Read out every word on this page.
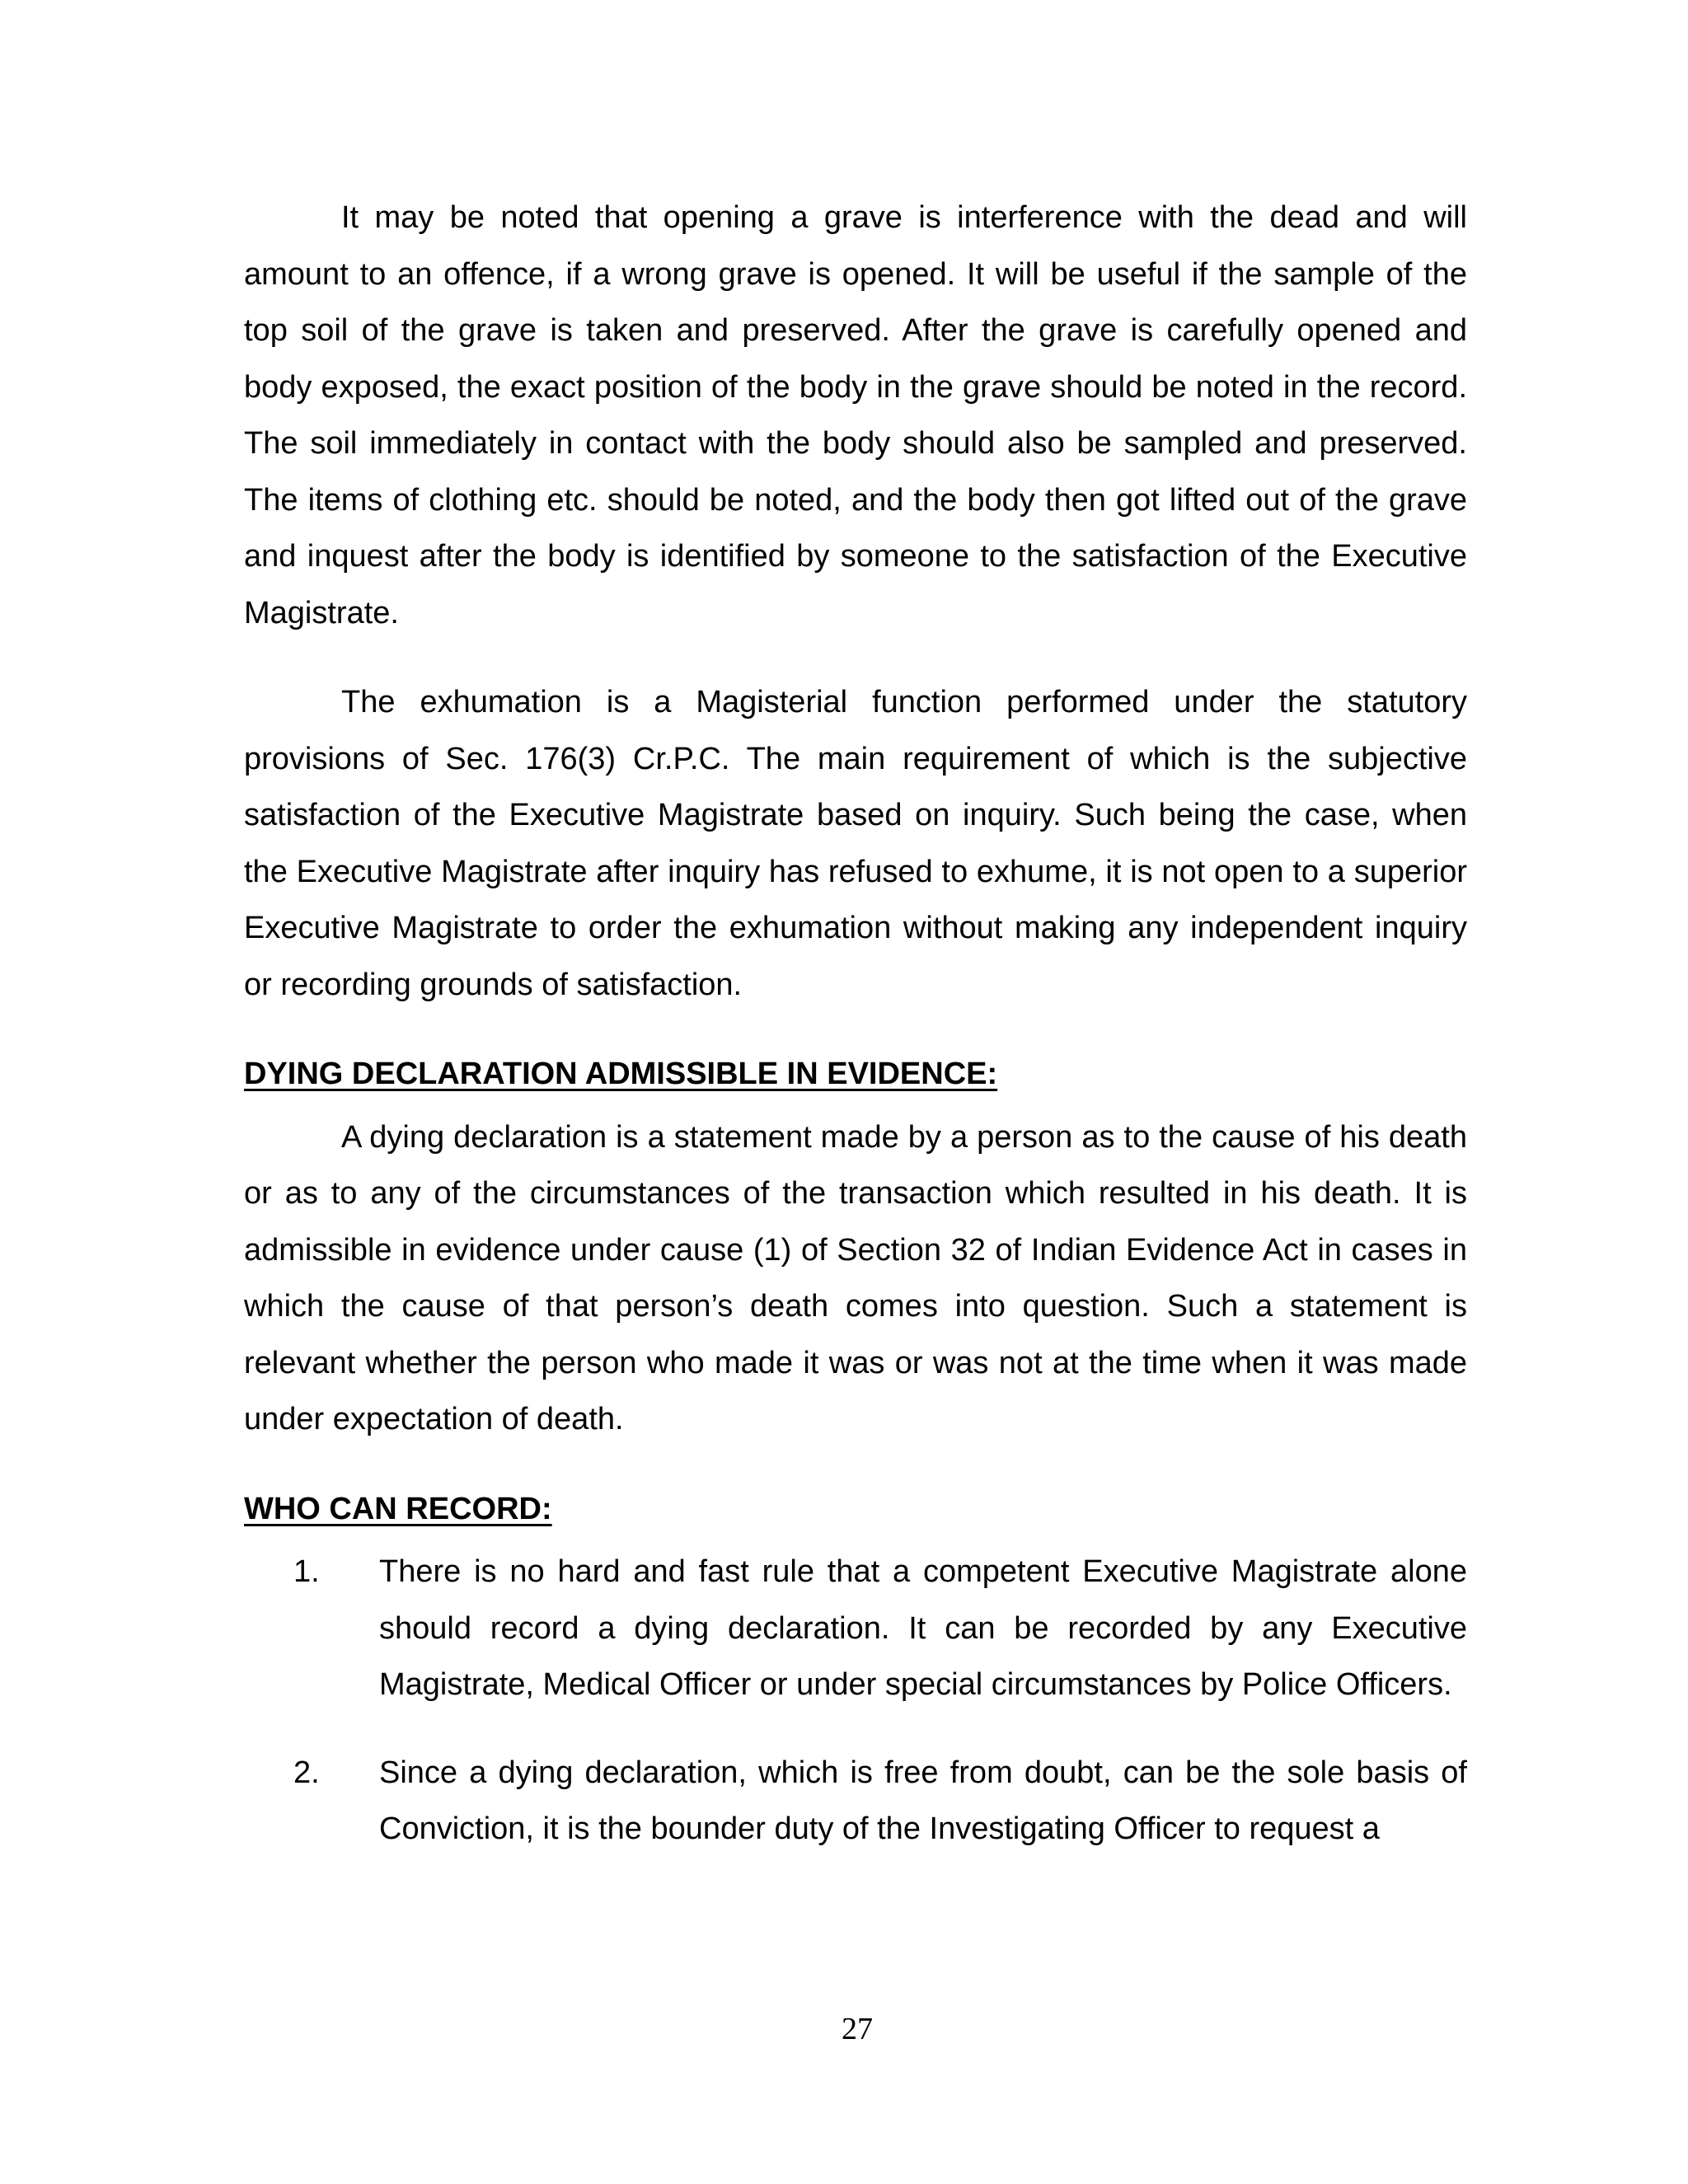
It may be noted that opening a grave is interference with the dead and will amount to an offence, if a wrong grave is opened. It will be useful if the sample of the top soil of the grave is taken and preserved. After the grave is carefully opened and body exposed, the exact position of the body in the grave should be noted in the record. The soil immediately in contact with the body should also be sampled and preserved. The items of clothing etc. should be noted, and the body then got lifted out of the grave and inquest after the body is identified by someone to the satisfaction of the Executive Magistrate.

The exhumation is a Magisterial function performed under the statutory provisions of Sec. 176(3) Cr.P.C. The main requirement of which is the subjective satisfaction of the Executive Magistrate based on inquiry. Such being the case, when the Executive Magistrate after inquiry has refused to exhume, it is not open to a superior Executive Magistrate to order the exhumation without making any independent inquiry or recording grounds of satisfaction.

DYING DECLARATION ADMISSIBLE IN EVIDENCE:

A dying declaration is a statement made by a person as to the cause of his death or as to any of the circumstances of the transaction which resulted in his death. It is admissible in evidence under cause (1) of Section 32 of Indian Evidence Act in cases in which the cause of that person’s death comes into question. Such a statement is relevant whether the person who made it was or was not at the time when it was made under expectation of death.

WHO CAN RECORD:
1.	There is no hard and fast rule that a competent Executive Magistrate alone should record a dying declaration. It can be recorded by any Executive Magistrate, Medical Officer or under special circumstances by Police Officers.
2.	Since a dying declaration, which is free from doubt, can be the sole basis of Conviction, it is the bounder duty of the Investigating Officer to request a
27
